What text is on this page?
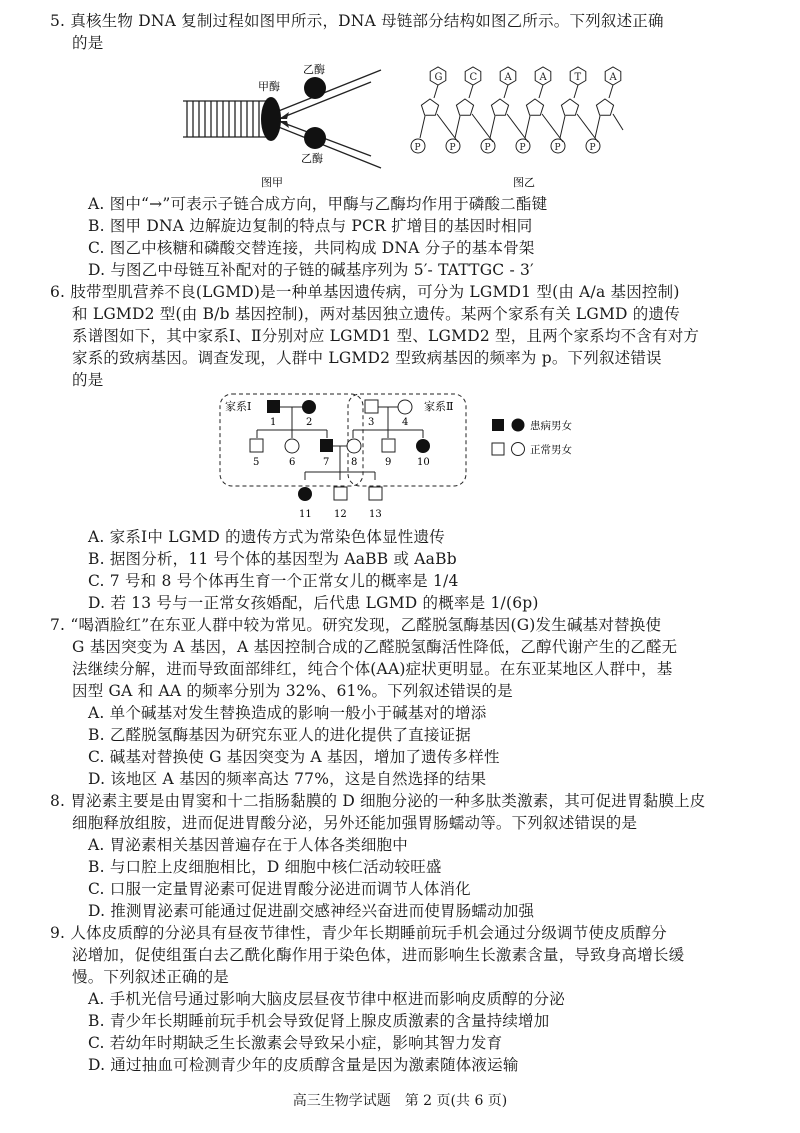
5. 真核生物 DNA 复制过程如图甲所示，DNA 母链部分结构如图乙所示。下列叙述正确
的是
甲酶
乙酶
乙酶
图甲
G
P
C
P
A
P
A
P
T
P
A
P
图乙
A. 图中“→”可表示子链合成方向，甲酶与乙酶均作用于磷酸二酯键
B. 图甲 DNA 边解旋边复制的特点与 PCR 扩增目的基因时相同
C. 图乙中核糖和磷酸交替连接，共同构成 DNA 分子的基本骨架
D. 与图乙中母链互补配对的子链的碱基序列为 5′- TATTGC - 3′
6. 肢带型肌营养不良(LGMD)是一种单基因遗传病，可分为 LGMD1 型(由 A/a 基因控制)
和 LGMD2 型(由 B/b 基因控制)，两对基因独立遗传。某两个家系有关 LGMD 的遗传
系谱图如下，其中家系Ⅰ、Ⅱ分别对应 LGMD1 型、LGMD2 型，且两个家系均不含有对方
家系的致病基因。调查发现，人群中 LGMD2 型致病基因的频率为 p。下列叙述错误
的是
1	2	3	4
5	6	7 8	9	10
11 12 13
家系Ⅰ	家系Ⅱ
患病男女
正常男女
A. 家系Ⅰ中 LGMD 的遗传方式为常染色体显性遗传
B. 据图分析，11 号个体的基因型为 AaBB 或 AaBb
C. 7 号和 8 号个体再生育一个正常女儿的概率是 1/4
D. 若 13 号与一正常女孩婚配，后代患 LGMD 的概率是 1/(6p)
7. “喝酒脸红”在东亚人群中较为常见。研究发现，乙醛脱氢酶基因(G)发生碱基对替换使
G 基因突变为 A 基因，A 基因控制合成的乙醛脱氢酶活性降低，乙醇代谢产生的乙醛无
法继续分解，进而导致面部绯红，纯合个体(AA)症状更明显。在东亚某地区人群中，基
因型 GA 和 AA 的频率分别为 32%、61%。下列叙述错误的是
A. 单个碱基对发生替换造成的影响一般小于碱基对的增添
B. 乙醛脱氢酶基因为研究东亚人的进化提供了直接证据
C. 碱基对替换使 G 基因突变为 A 基因，增加了遗传多样性
D. 该地区 A 基因的频率高达 77%，这是自然选择的结果
8. 胃泌素主要是由胃窦和十二指肠黏膜的 D 细胞分泌的一种多肽类激素，其可促进胃黏膜上皮
细胞释放组胺，进而促进胃酸分泌，另外还能加强胃肠蠕动等。下列叙述错误的是
A. 胃泌素相关基因普遍存在于人体各类细胞中
B. 与口腔上皮细胞相比，D 细胞中核仁活动较旺盛
C. 口服一定量胃泌素可促进胃酸分泌进而调节人体消化
D. 推测胃泌素可能通过促进副交感神经兴奋进而使胃肠蠕动加强
9. 人体皮质醇的分泌具有昼夜节律性，青少年长期睡前玩手机会通过分级调节使皮质醇分
泌增加，促使组蛋白去乙酰化酶作用于染色体，进而影响生长激素含量，导致身高增长缓
慢。下列叙述正确的是
A. 手机光信号通过影响大脑皮层昼夜节律中枢进而影响皮质醇的分泌
B. 青少年长期睡前玩手机会导致促肾上腺皮质激素的含量持续增加
C. 若幼年时期缺乏生长激素会导致呆小症，影响其智力发育
D. 通过抽血可检测青少年的皮质醇含量是因为激素随体液运输
高三生物学试题　第 2 页(共 6 页)
